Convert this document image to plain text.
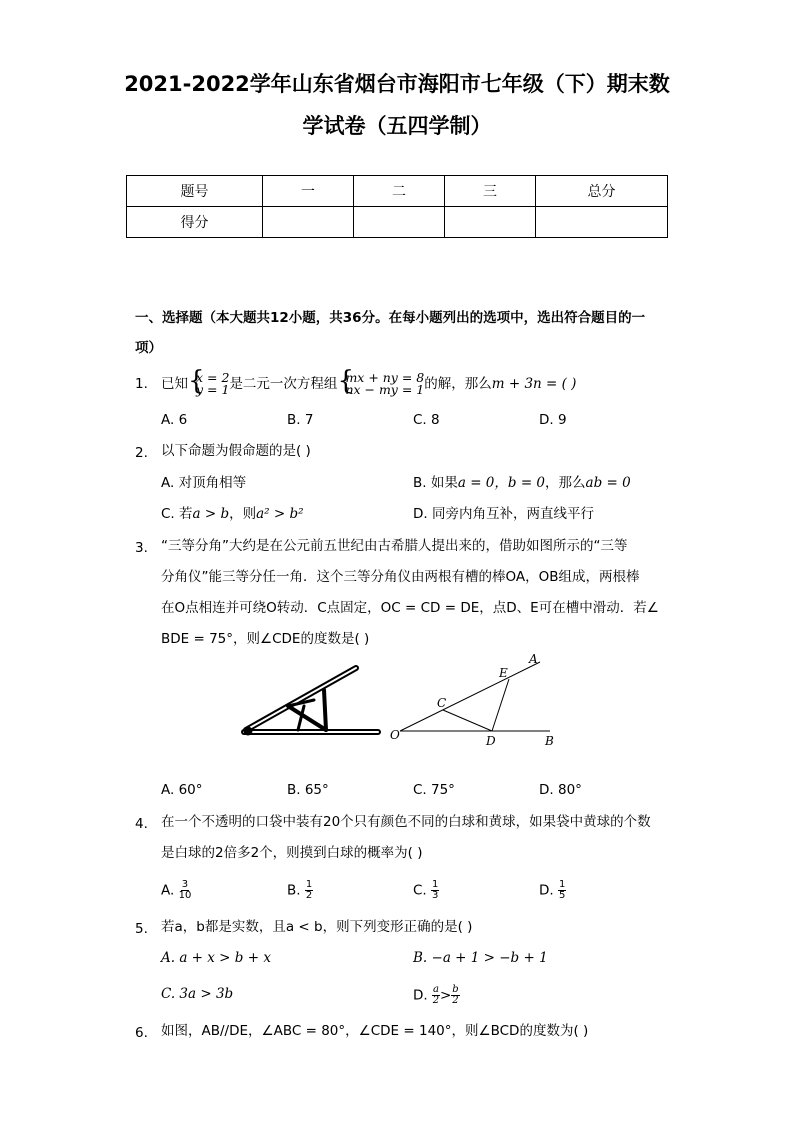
2021-2022学年山东省烟台市海阳市七年级（下）期末数
学试卷（五四学制）
题号	一	二	三	总分
得分				
一、选择题（本大题共12小题，共36分。在每小题列出的选项中，选出符合题目的一
项）
1. 已知 {
x = 2
y = 1 是二元一次方程组 {
mx + ny = 8
nx − my = 1 的解，那么m + 3n = ( )
A. 6	B. 7	C. 8	D. 9
2. 以下命题为假命题的是( )
A. 对顶角相等	B. 如果a = 0，b = 0，那么ab = 0
C. 若a > b，则a² > b²	D. 同旁内角互补，两直线平行
3. “三等分角”大约是在公元前五世纪由古希腊人提出来的，借助如图所示的“三等
分角仪”能三等分任一角．这个三等分角仪由两根有槽的棒OA，OB组成，两根棒
在O点相连并可绕O转动．C点固定，OC = CD = DE，点D、E可在槽中滑动．若∠
BDE = 75°，则∠CDE的度数是( )
O
C
D	B
E
A
A. 60°	B. 65°	C. 75°	D. 80°
4. 在一个不透明的口袋中装有20个只有颜色不同的白球和黄球，如果袋中黄球的个数
是白球的2倍多2个，则摸到白球的概率为( )
A. $\frac{3}{10}$	B. $\frac{1}{2}$	C. $\frac{1}{3}$	D. $\frac{1}{5}$
5. 若a，b都是实数，且a < b，则下列变形正确的是( )
A. a + x > b + x	B. −a + 1 > −b + 1
C. 3a > 3b	D. $\frac{a}{2} > \frac{b}{2}$
6. 如图，AB//DE，∠ABC = 80°，∠CDE = 140°，则∠BCD的度数为( )
